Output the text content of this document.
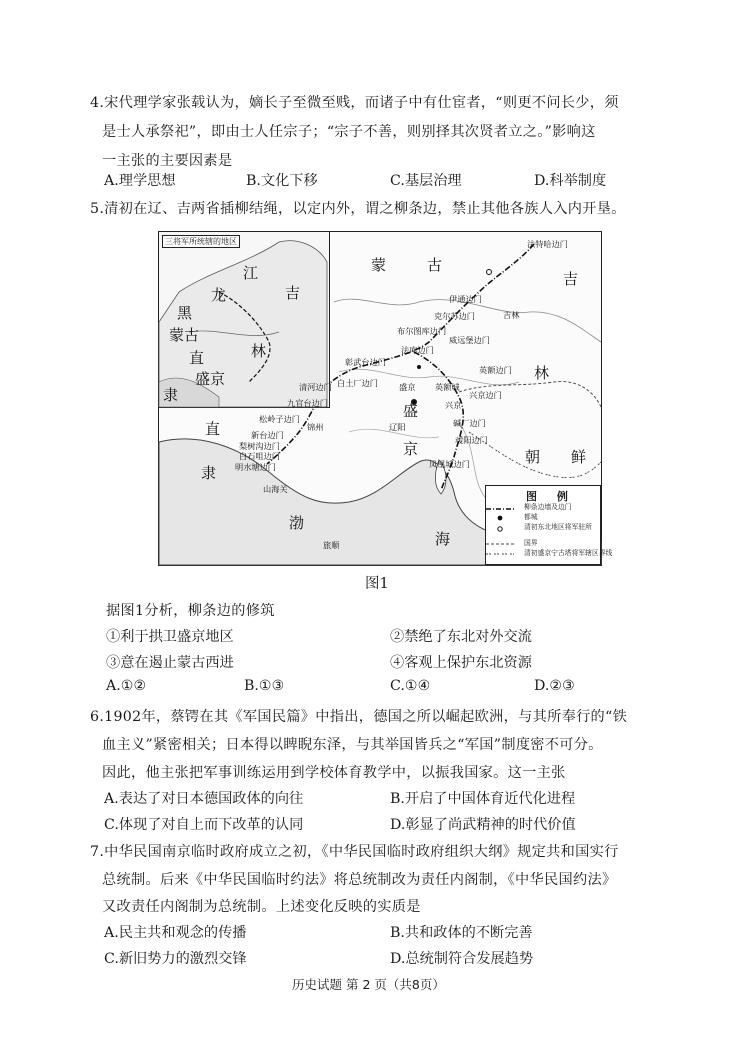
4.宋代理学家张载认为，嫡长子至微至贱，而诸子中有仕宦者，“则更不问长少，须
是士人承祭祀”，即由士人任宗子；“宗子不善，则别择其次贤者立之。”影响这
一主张的主要因素是
A.理学思想	B.文化下移	C.基层治理	D.科举制度
5.清初在辽、吉两省插柳结绳，以定内外，谓之柳条边，禁止其他各族人入内开垦。
三将军所统辖的地区
江
龙	吉
黑
蒙古
林
盛京
直
隶
蒙	古
吉
林
盛
京
直
隶
朝 鲜
渤
海
法特哈边门
伊通边门
克尔苏边门	吉林
布尔图库边门
威远堡边门
法库边门
英额边门
彰武台边门
清河边门 白土厂边门	英额城
盛京
九官台边门
辽阳
兴京
兴京边门
松岭子边门
锦州	碱厂边门
新台边门
梨树沟边门
叆阳边门
白石咀边门
凤凰城边门
明水塘边门
山海关
旅顺
图 例
柳条边墙及边门
都城
清初东北地区将军驻所
国界
清初盛京宁古塔将军辖区界线
图1
据图1分析，柳条边的修筑
①利于拱卫盛京地区	②禁绝了东北对外交流
③意在遏止蒙古西进	④客观上保护东北资源
A.①②	B.①③	C.①④	D.②③
6.1902年，蔡锷在其《军国民篇》中指出，德国之所以崛起欧洲，与其所奉行的“铁
血主义”紧密相关；日本得以睥睨东泽，与其举国皆兵之“军国”制度密不可分。
因此，他主张把军事训练运用到学校体育教学中，以振我国家。这一主张
A.表达了对日本德国政体的向往	B.开启了中国体育近代化进程
C.体现了对自上而下改革的认同	D.彰显了尚武精神的时代价值
7.中华民国南京临时政府成立之初，《中华民国临时政府组织大纲》规定共和国实行
总统制。后来《中华民国临时约法》将总统制改为责任内阁制，《中华民国约法》
又改责任内阁制为总统制。上述变化反映的实质是
A.民主共和观念的传播	B.共和政体的不断完善
C.新旧势力的激烈交锋	D.总统制符合发展趋势
历史试题 第 2 页（共8页）
